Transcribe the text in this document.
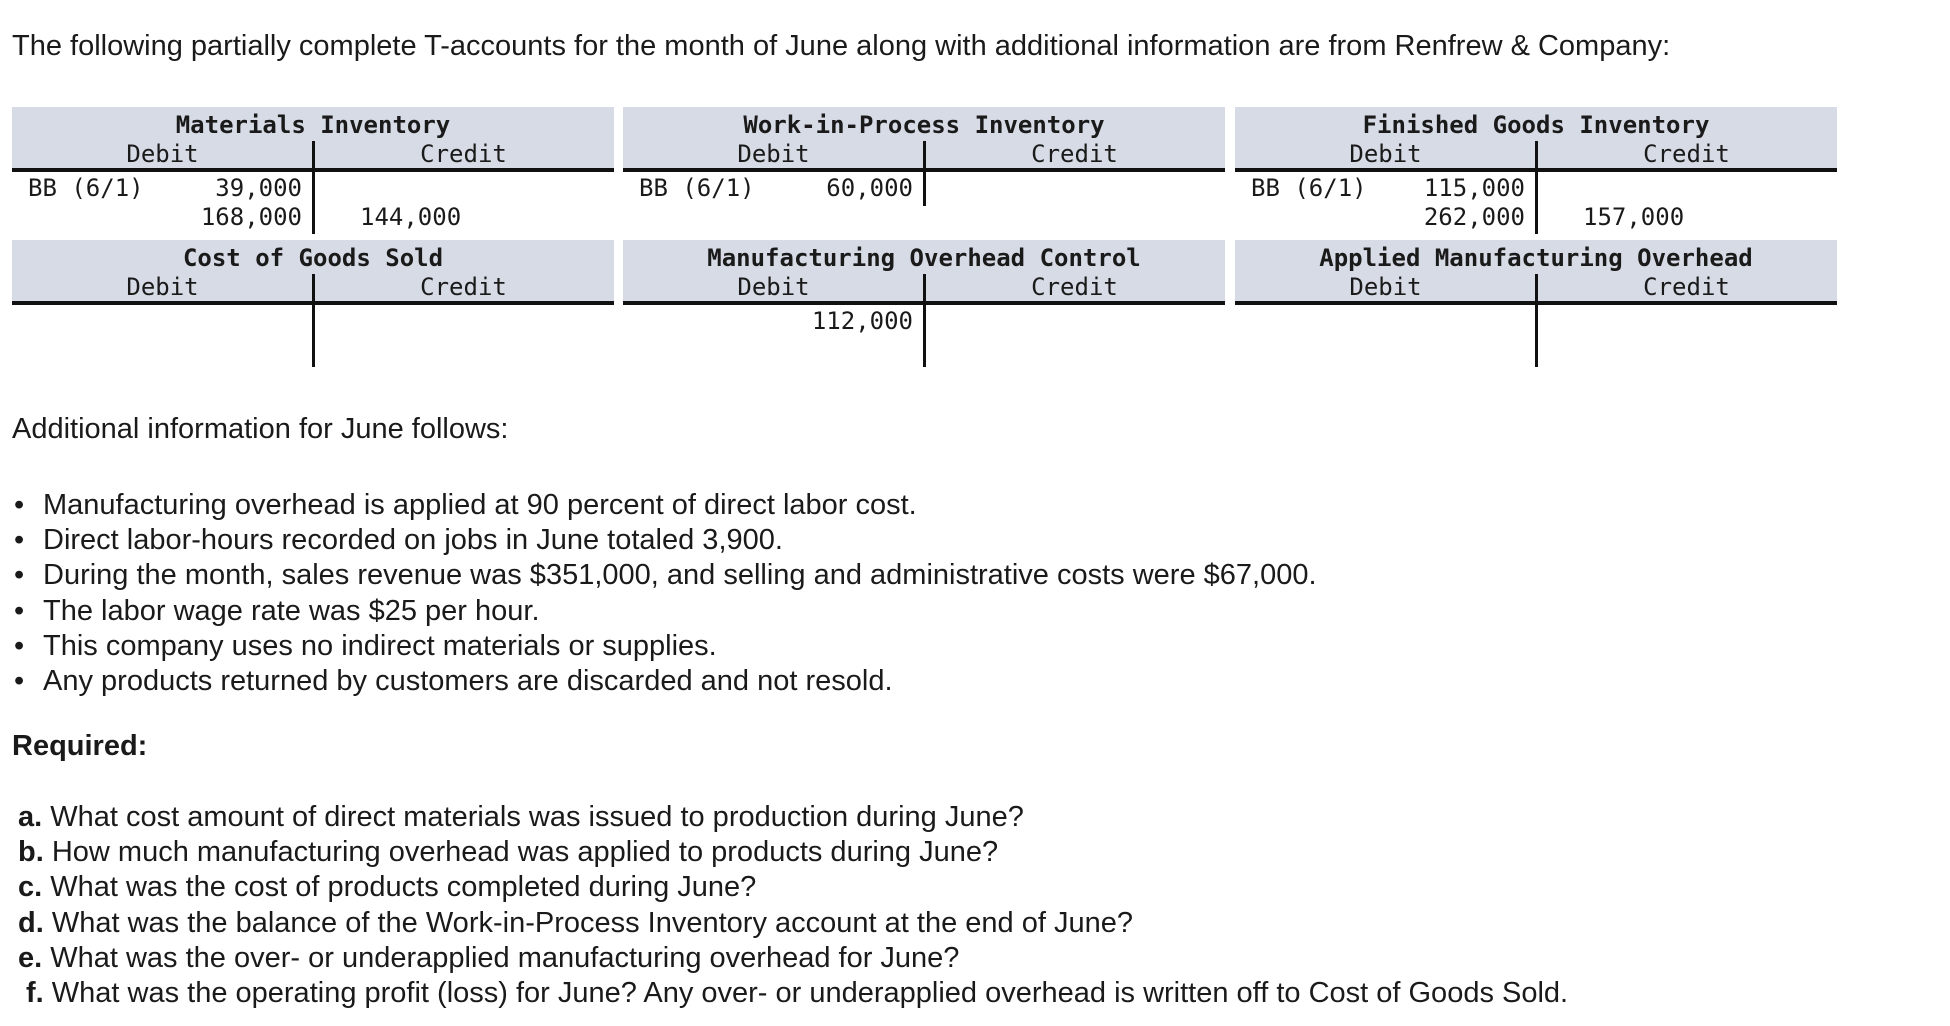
The following partially complete T-accounts for the month of June along with additional information are from Renfrew & Company:
Materials Inventory
Debit	Credit
BB (6/1)	39,000
168,000 144,000
Work-in-Process Inventory
Debit	Credit
BB (6/1)	60,000
Finished Goods Inventory
Debit	Credit
BB (6/1) 115,000
262,000 157,000
Cost of Goods Sold
Debit	Credit
Manufacturing Overhead Control
Debit	Credit
112,000
Applied Manufacturing Overhead
Debit	Credit
Additional information for June follows:
• Manufacturing overhead is applied at 90 percent of direct labor cost.
• Direct labor-hours recorded on jobs in June totaled 3,900.
• During the month, sales revenue was $351,000, and selling and administrative costs were $67,000.
• The labor wage rate was $25 per hour.
• This company uses no indirect materials or supplies.
• Any products returned by customers are discarded and not resold.
Required:
a. What cost amount of direct materials was issued to production during June?
b. How much manufacturing overhead was applied to products during June?
c. What was the cost of products completed during June?
d. What was the balance of the Work-in-Process Inventory account at the end of June?
e. What was the over- or underapplied manufacturing overhead for June?
f. What was the operating profit (loss) for June? Any over- or underapplied overhead is written off to Cost of Goods Sold.
